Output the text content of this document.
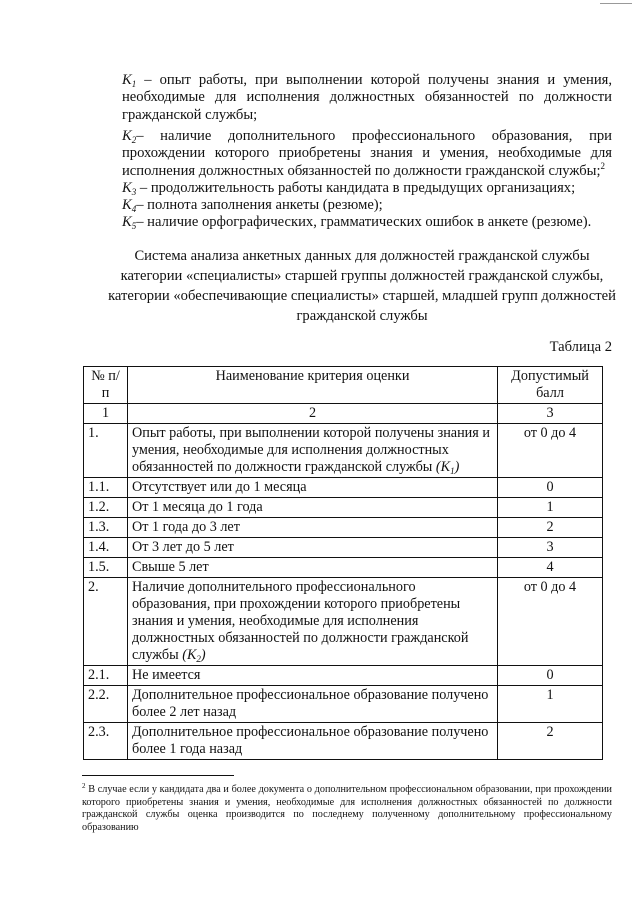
$K_1$ – опыт работы, при выполнении которой получены знания и умения, необходимые для исполнения должностных обязанностей по должности гражданской службы;
$K_2-$ наличие дополнительного профессионального образования, при прохождении которого приобретены знания и умения, необходимые для исполнения должностных обязанностей по должности гражданской службы;$^2$
$K_3$ – продолжительность работы кандидата в предыдущих организациях;
$K_4-$ полнота заполнения анкеты (резюме);
$K_5-$ наличие орфографических, грамматических ошибок в анкете (резюме).
Система анализа анкетных данных для должностей гражданской службы
категории «специалисты» старшей группы должностей гражданской службы,
категории «обеспечивающие специалисты» старшей, младшей групп должностей
гражданской службы
Таблица 2
№ п/п	Наименование критерия оценки	Допустимый балл
1	2	3
1.	Опыт работы, при выполнении которой получены знания и умения, необходимые для исполнения должностных обязанностей по должности гражданской службы $(K_1)$	от 0 до 4
1.1.	Отсутствует или до 1 месяца	0
1.2.	От 1 месяца до 1 года	1
1.3.	От 1 года до 3 лет	2
1.4.	От 3 лет до 5 лет	3
1.5.	Свыше 5 лет	4
2.	Наличие дополнительного профессионального образования, при прохождении которого приобретены знания и умения, необходимые для исполнения должностных обязанностей по должности гражданской службы $(K_2)$	от 0 до 4
2.1.	Не имеется	0
2.2.	Дополнительное профессиональное образование получено более 2 лет назад	1
2.3.	Дополнительное профессиональное образование получено более 1 года назад	2
$^2$ В случае если у кандидата два и более документа о дополнительном профессиональном образовании, при прохождении которого приобретены знания и умения, необходимые для исполнения должностных обязанностей по должности гражданской службы оценка производится по последнему полученному дополнительному профессиональному образованию
